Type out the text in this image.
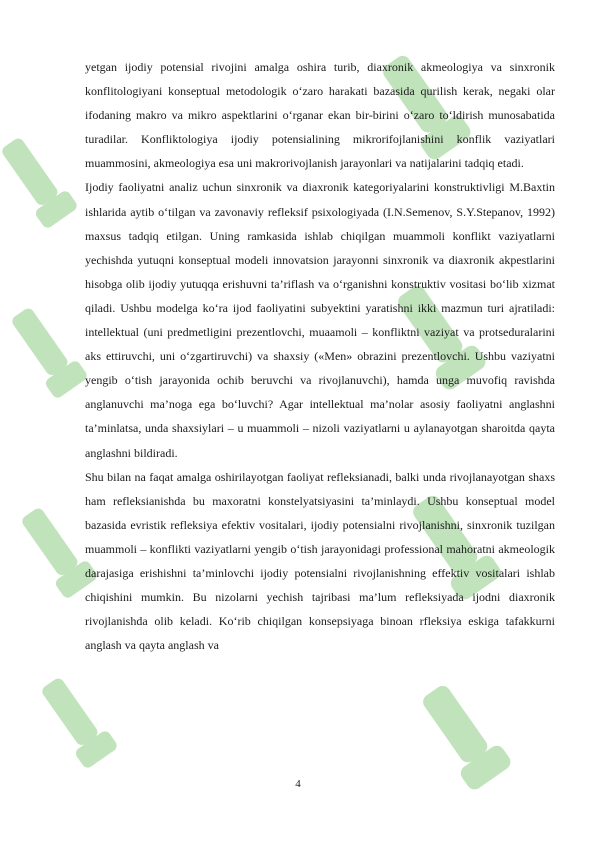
yetgan ijodiy potensial rivojini amalga oshira turib, diaxronik akmeologiya va sinxronik konflitologiyani konseptual metodologik o‘zaro harakati bazasida qurilish kerak, negaki olar ifodaning makro va mikro aspektlarini o‘rganar ekan bir-birini o‘zaro to‘ldirish munosabatida turadilar. Konfliktologiya ijodiy potensialining mikrorifojlanishini konflik vaziyatlari muammosini, akmeologiya esa uni makrorivojlanish jarayonlari va natijalarini tadqiq etadi.

Ijodiy faoliyatni analiz uchun sinxronik va diaxronik kategoriyalarini konstruktivligi M.Baxtin ishlarida aytib o‘tilgan va zavonaviy refleksif psixologiyada (I.N.Semenov, S.Y.Stepanov, 1992) maxsus tadqiq etilgan. Uning ramkasida ishlab chiqilgan muammoli konflikt vaziyatlarni yechishda yutuqni konseptual modeli innovatsion jarayonni sinxronik va diaxronik akpestlarini hisobga olib ijodiy yutuqqa erishuvni ta’riflash va o‘rganishni konstruktiv vositasi bo‘lib xizmat qiladi. Ushbu modelga ko‘ra ijod faoliyatini subyektini yaratishni ikki mazmun turi ajratiladi: intellektual (uni predmetligini prezentlovchi, muaamoli – konfliktni vaziyat va protseduralarini aks ettiruvchi, uni o‘zgartiruvchi) va shaxsiy («Men» obrazini prezentlovchi. Ushbu vaziyatni yengib o‘tish jarayonida ochib beruvchi va rivojlanuvchi), hamda unga muvofiq ravishda anglanuvchi ma’noga ega bo‘luvchi? Agar intellektual ma’nolar asosiy faoliyatni anglashni ta’minlatsa, unda shaxsiylari – u muammoli – nizoli vaziyatlarni u aylanayotgan sharoitda qayta anglashni bildiradi.

Shu bilan na faqat amalga oshirilayotgan faoliyat refleksianadi, balki unda rivojlanayotgan shaxs ham refleksianishda bu maxoratni konstelyatsiyasini ta’minlaydi. Ushbu konseptual model bazasida evristik refleksiya efektiv vositalari, ijodiy potensialni rivojlanishni, sinxronik tuzilgan muammoli – konflikti vaziyatlarni yengib o‘tish jarayonidagi professional mahoratni akmeologik darajasiga erishishni ta’minlovchi ijodiy potensialni rivojlanishning effektiv vositalari ishlab chiqishini mumkin. Bu nizolarni yechish tajribasi ma’lum refleksiyada ijodni diaxronik rivojlanishda olib keladi. Ko‘rib chiqilgan konsepsiyaga binoan rfleksiya eskiga tafakkurni anglash va qayta anglash va

4
